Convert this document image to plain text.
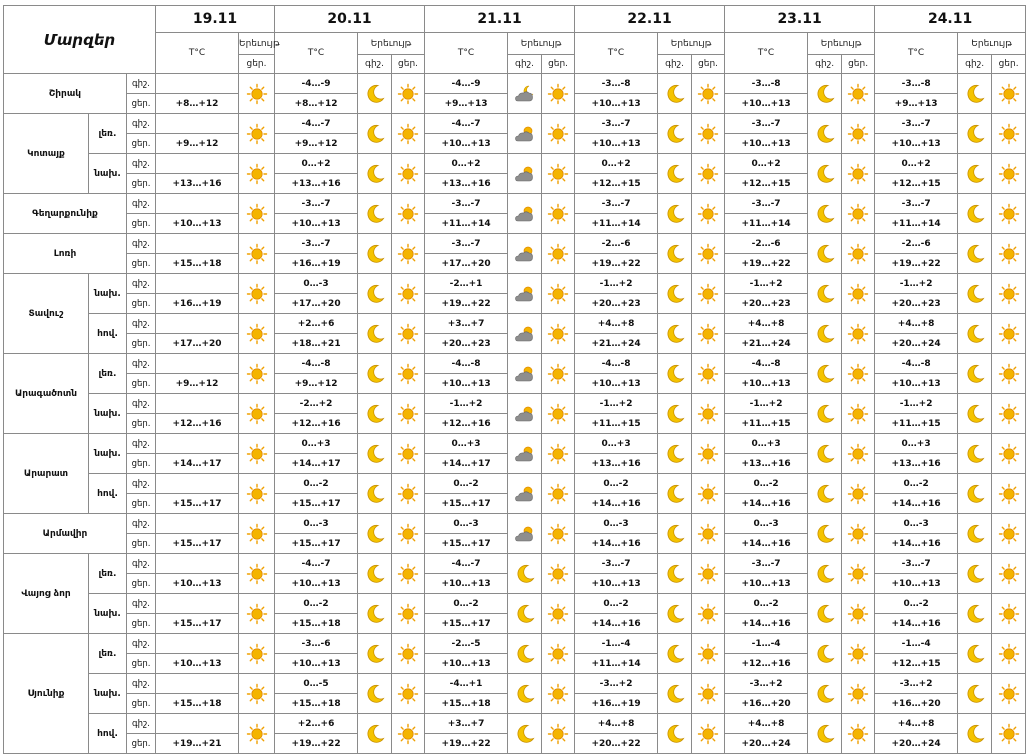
Մարզեր			19.11		20.11			21.11			22.11			23.11			24.11		
			T°C	Երեւույթ	T°C	Երեւույթ		T°C	Երեւույթ		T°C	Երեւույթ		T°C	Երեւույթ		T°C	Երեւույթ	
				ցեր.		գիշ.	ցեր.		գիշ.	ցեր.		գիշ.	ցեր.		գիշ.	ցեր.		գիշ.	ցեր.
Շիրակ		գիշ.			-4…-9			-4…-9			-3…-8			-3…-8			-3…-8	

		ցեր.	+8…+12		+8…+12			+9…+13			+10…+13			+10…+13			+9…+13		
Կոտայք	լեռ.	գիշ.			-4…-7			-4…-7			-3…-7			-3…-7			-3…-7	

		ցեր.	+9…+12		+9…+12			+10…+13			+10…+13			+10…+13			+10…+13		
	նախ.	գիշ.			0…+2			0…+2			0…+2			0…+2			0…+2	

		ցեր.	+13…+16		+13…+16			+13…+16			+12…+15			+12…+15			+12…+15		
Գեղարքունիք		գիշ.			-3…-7			-3…-7			-3…-7			-3…-7			-3…-7	

		ցեր.	+10…+13		+10…+13			+11…+14			+11…+14			+11…+14			+11…+14		
Լոռի		գիշ.			-3…-7			-3…-7			-2…-6			-2…-6			-2…-6	

		ցեր.	+15…+18		+16…+19			+17…+20			+19…+22			+19…+22			+19…+22		
Տավուշ	նախ.	գիշ.			0…-3			-2…+1			-1…+2			-1…+2			-1…+2	

		ցեր.	+16…+19		+17…+20			+19…+22			+20…+23			+20…+23			+20…+23		
	հով.	գիշ.			+2…+6			+3…+7			+4…+8			+4…+8			+4…+8	

		ցեր.	+17…+20		+18…+21			+20…+23			+21…+24			+21…+24			+20…+24		
Արագածոտն	լեռ.	գիշ.			-4…-8			-4…-8			-4…-8			-4…-8			-4…-8	

		ցեր.	+9…+12		+9…+12			+10…+13			+10…+13			+10…+13			+10…+13		
	նախ.	գիշ.			-2…+2			-1…+2			-1…+2			-1…+2			-1…+2	

		ցեր.	+12…+16		+12…+16			+12…+16			+11…+15			+11…+15			+11…+15		
Արարատ	նախ.	գիշ.			0…+3			0…+3			0…+3			0…+3			0…+3	

		ցեր.	+14…+17		+14…+17			+14…+17			+13…+16			+13…+16			+13…+16		
	հով.	գիշ.			0…-2			0…-2			0…-2			0…-2			0…-2	

		ցեր.	+15…+17		+15…+17			+15…+17			+14…+16			+14…+16			+14…+16		
Արմավիր		գիշ.			0…-3			0…-3			0…-3			0…-3			0…-3	

		ցեր.	+15…+17		+15…+17			+15…+17			+14…+16			+14…+16			+14…+16		
Վայոց ձոր	լեռ.	գիշ.			-4…-7			-4…-7			-3…-7			-3…-7			-3…-7	

		ցեր.	+10…+13		+10…+13			+10…+13			+10…+13			+10…+13			+10…+13		
	նախ.	գիշ.			0…-2			0…-2			0…-2			0…-2			0…-2	

		ցեր.	+15…+17		+15…+18			+15…+17			+14…+16			+14…+16			+14…+16		
Սյունիք	լեռ.	գիշ.			-3…-6			-2…-5			-1…-4			-1…-4			-1…-4	

		ցեր.	+10…+13		+10…+13			+10…+13			+11…+14			+12…+16			+12…+15		
	նախ.	գիշ.			0…-5			-4…+1			-3…+2			-3…+2			-3…+2	

		ցեր.	+15…+18		+15…+18			+15…+18			+16…+19			+16…+20			+16…+20		
	հով.	գիշ.			+2…+6			+3…+7			+4…+8			+4…+8			+4…+8	

		ցեր.	+19…+21		+19…+22			+19…+22			+20…+22			+20…+24			+20…+24		
